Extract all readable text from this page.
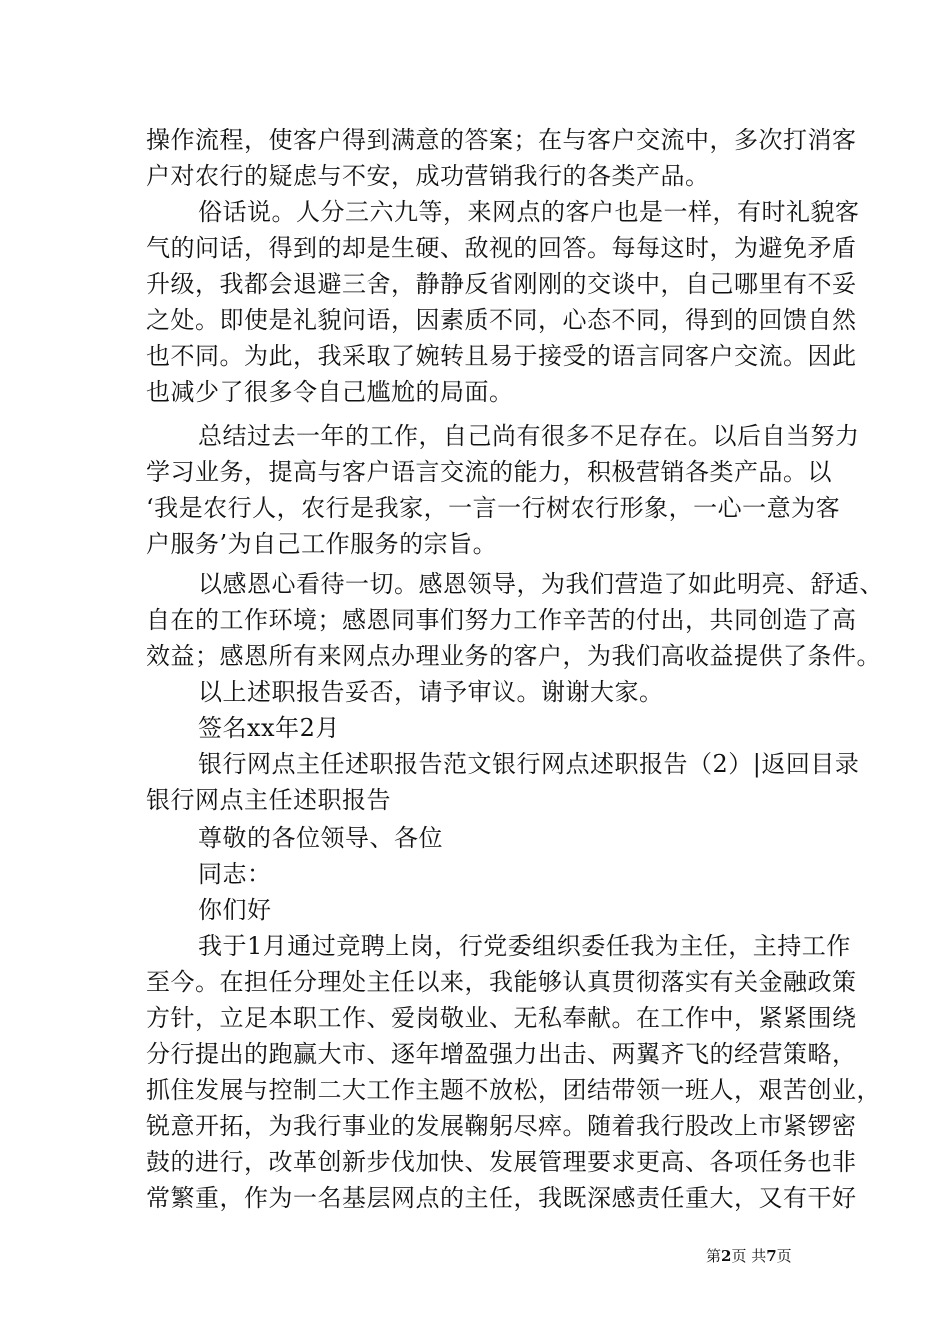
操作流程，使客户得到满意的答案；在与客户交流中，多次打消客
户对农行的疑虑与不安，成功营销我行的各类产品。
俗话说。人分三六九等，来网点的客户也是一样，有时礼貌客
气的问话，得到的却是生硬、敌视的回答。每每这时，为避免矛盾
升级，我都会退避三舍，静静反省刚刚的交谈中，自己哪里有不妥
之处。即使是礼貌问语，因素质不同，心态不同，得到的回馈自然
也不同。为此，我采取了婉转且易于接受的语言同客户交流。因此
也减少了很多令自己尴尬的局面。
总结过去一年的工作，自己尚有很多不足存在。以后自当努力
学习业务，提高与客户语言交流的能力，积极营销各类产品。以
‘我是农行人，农行是我家，一言一行树农行形象，一心一意为客
户服务’为自己工作服务的宗旨。
以感恩心看待一切。感恩领导，为我们营造了如此明亮、舒适、
自在的工作环境；感恩同事们努力工作辛苦的付出，共同创造了高
效益；感恩所有来网点办理业务的客户，为我们高收益提供了条件。
以上述职报告妥否，请予审议。谢谢大家。
签名xx年2月
银行网点主任述职报告范文银行网点述职报告（2）|返回目录
银行网点主任述职报告
尊敬的各位领导、各位
同志：
你们好
我于1月通过竞聘上岗，行党委组织委任我为主任，主持工作
至今。在担任分理处主任以来，我能够认真贯彻落实有关金融政策
方针，立足本职工作、爱岗敬业、无私奉献。在工作中，紧紧围绕
分行提出的跑赢大市、逐年增盈强力出击、两翼齐飞的经营策略，
抓住发展与控制二大工作主题不放松，团结带领一班人，艰苦创业，
锐意开拓，为我行事业的发展鞠躬尽瘁。随着我行股改上市紧锣密
鼓的进行，改革创新步伐加快、发展管理要求更高、各项任务也非
常繁重，作为一名基层网点的主任，我既深感责任重大，又有干好
第2页 共7页
